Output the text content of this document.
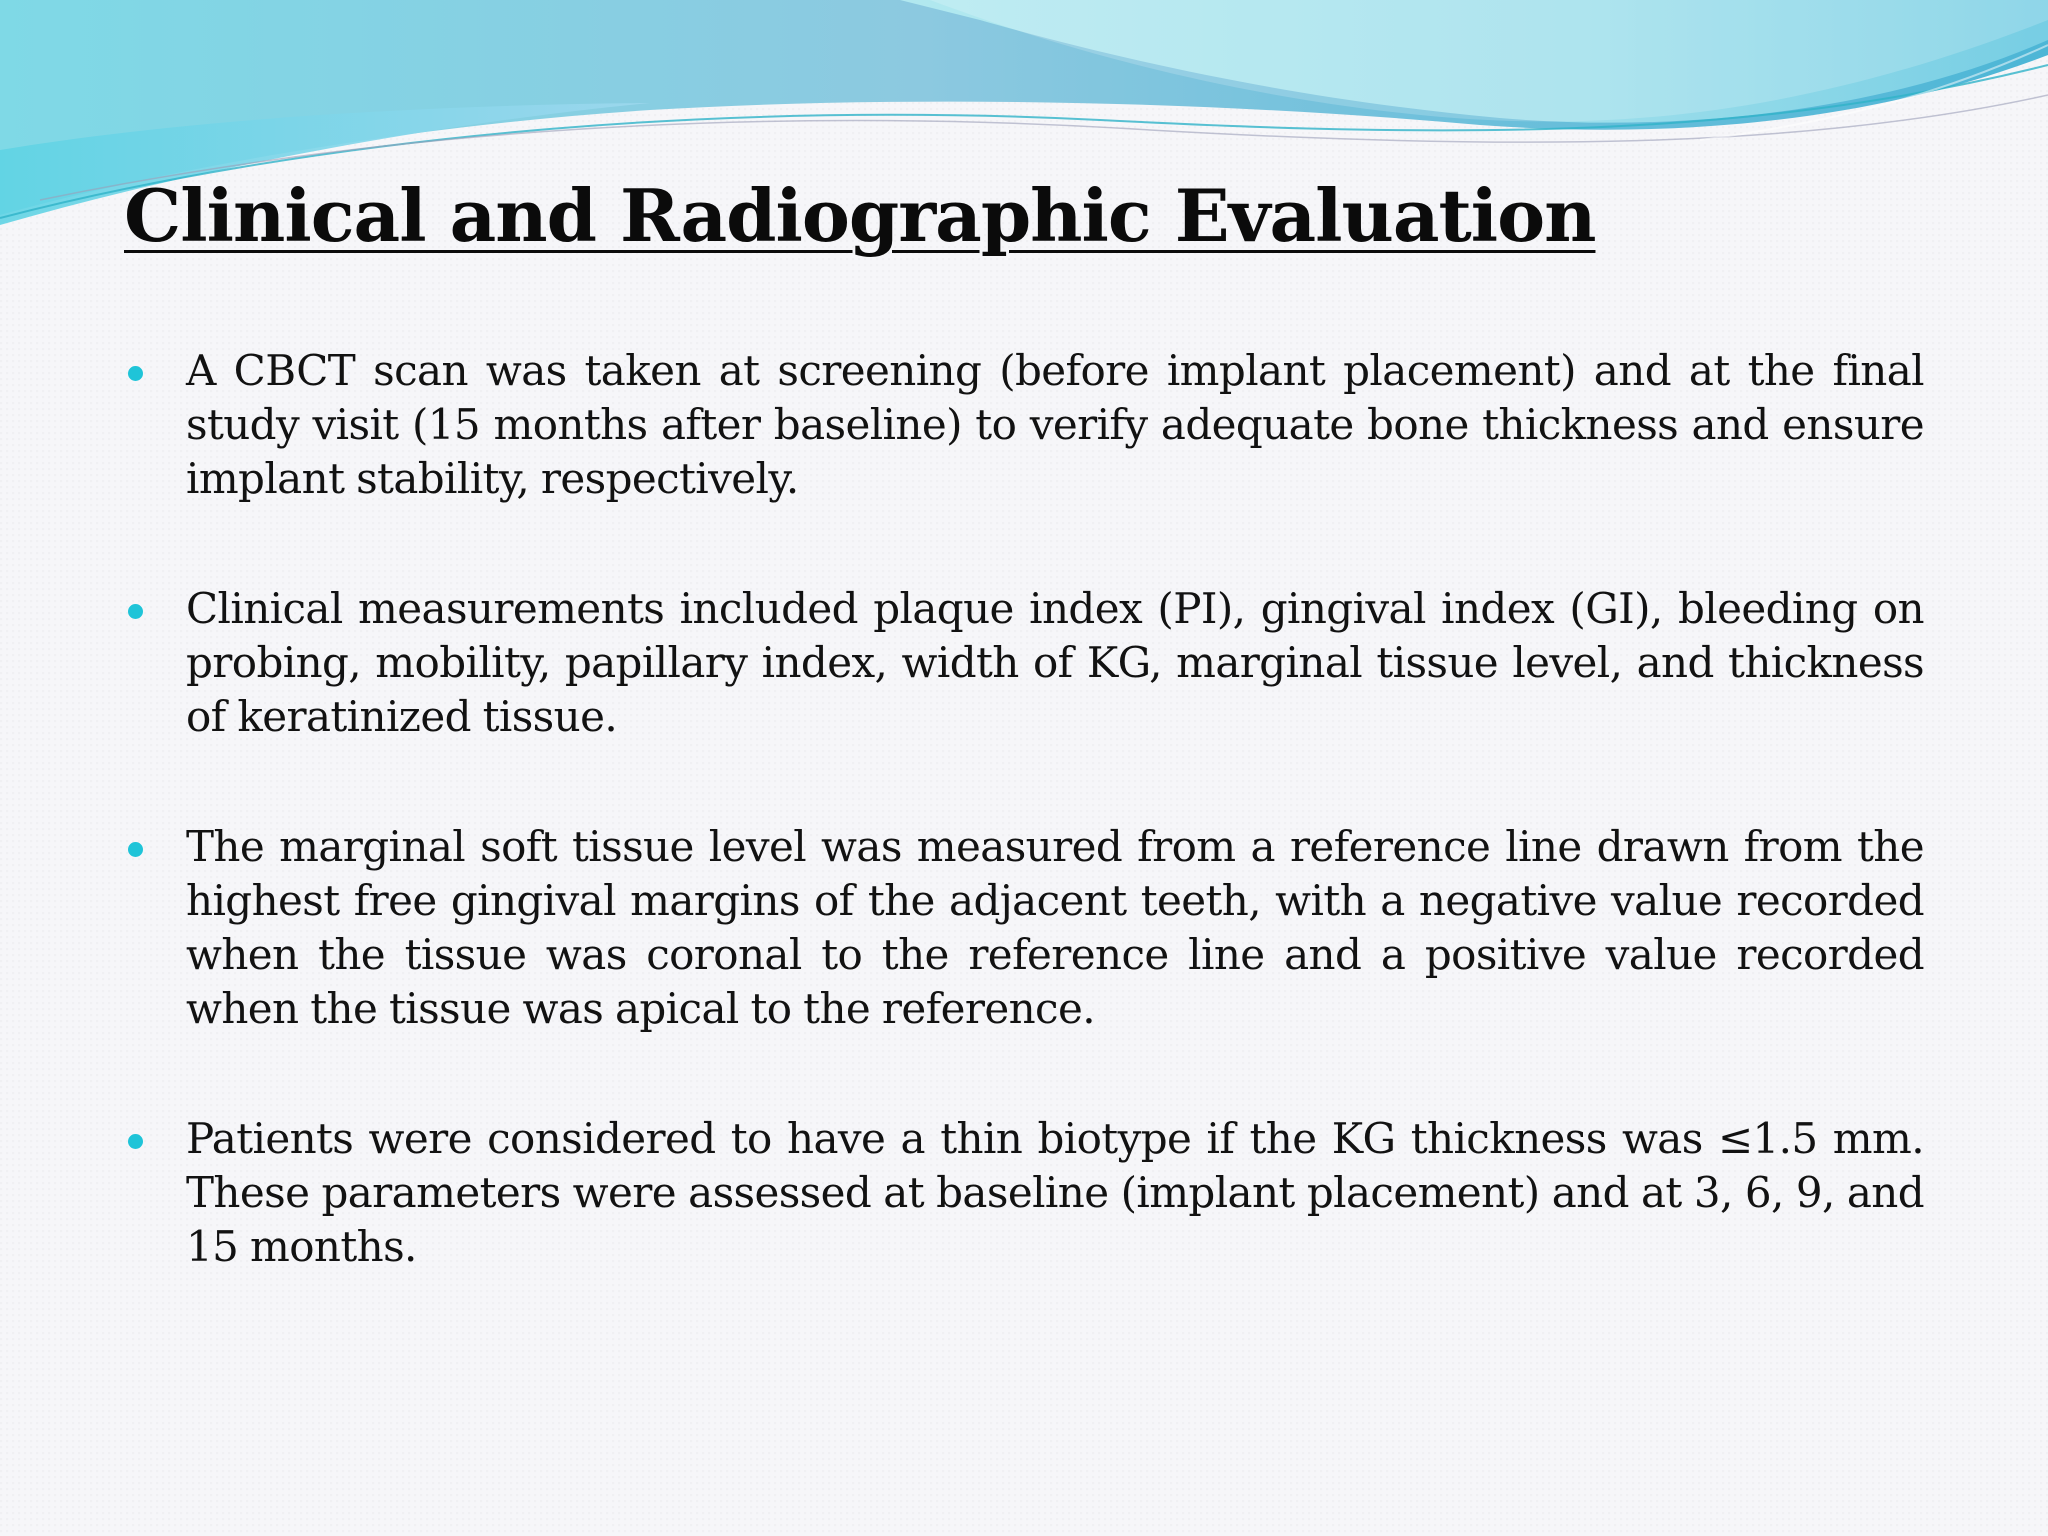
Clinical and Radiographic Evaluation
A CBCT scan was taken at screening (before implant placement) and at the final study visit (15 months after baseline) to verify adequate bone thickness and ensure implant stability, respectively.
Clinical measurements included plaque index (PI), gingival index (GI), bleeding on probing, mobility, papillary index, width of KG, marginal tissue level, and thickness of keratinized tissue.
The marginal soft tissue level was measured from a reference line drawn from the highest free gingival margins of the adjacent teeth, with a negative value recorded when the tissue was coronal to the reference line and a positive value recorded when the tissue was apical to the reference.
Patients were considered to have a thin biotype if the KG thickness was ≤1.5 mm. These parameters were assessed at baseline (implant placement) and at 3, 6, 9, and 15 months.
